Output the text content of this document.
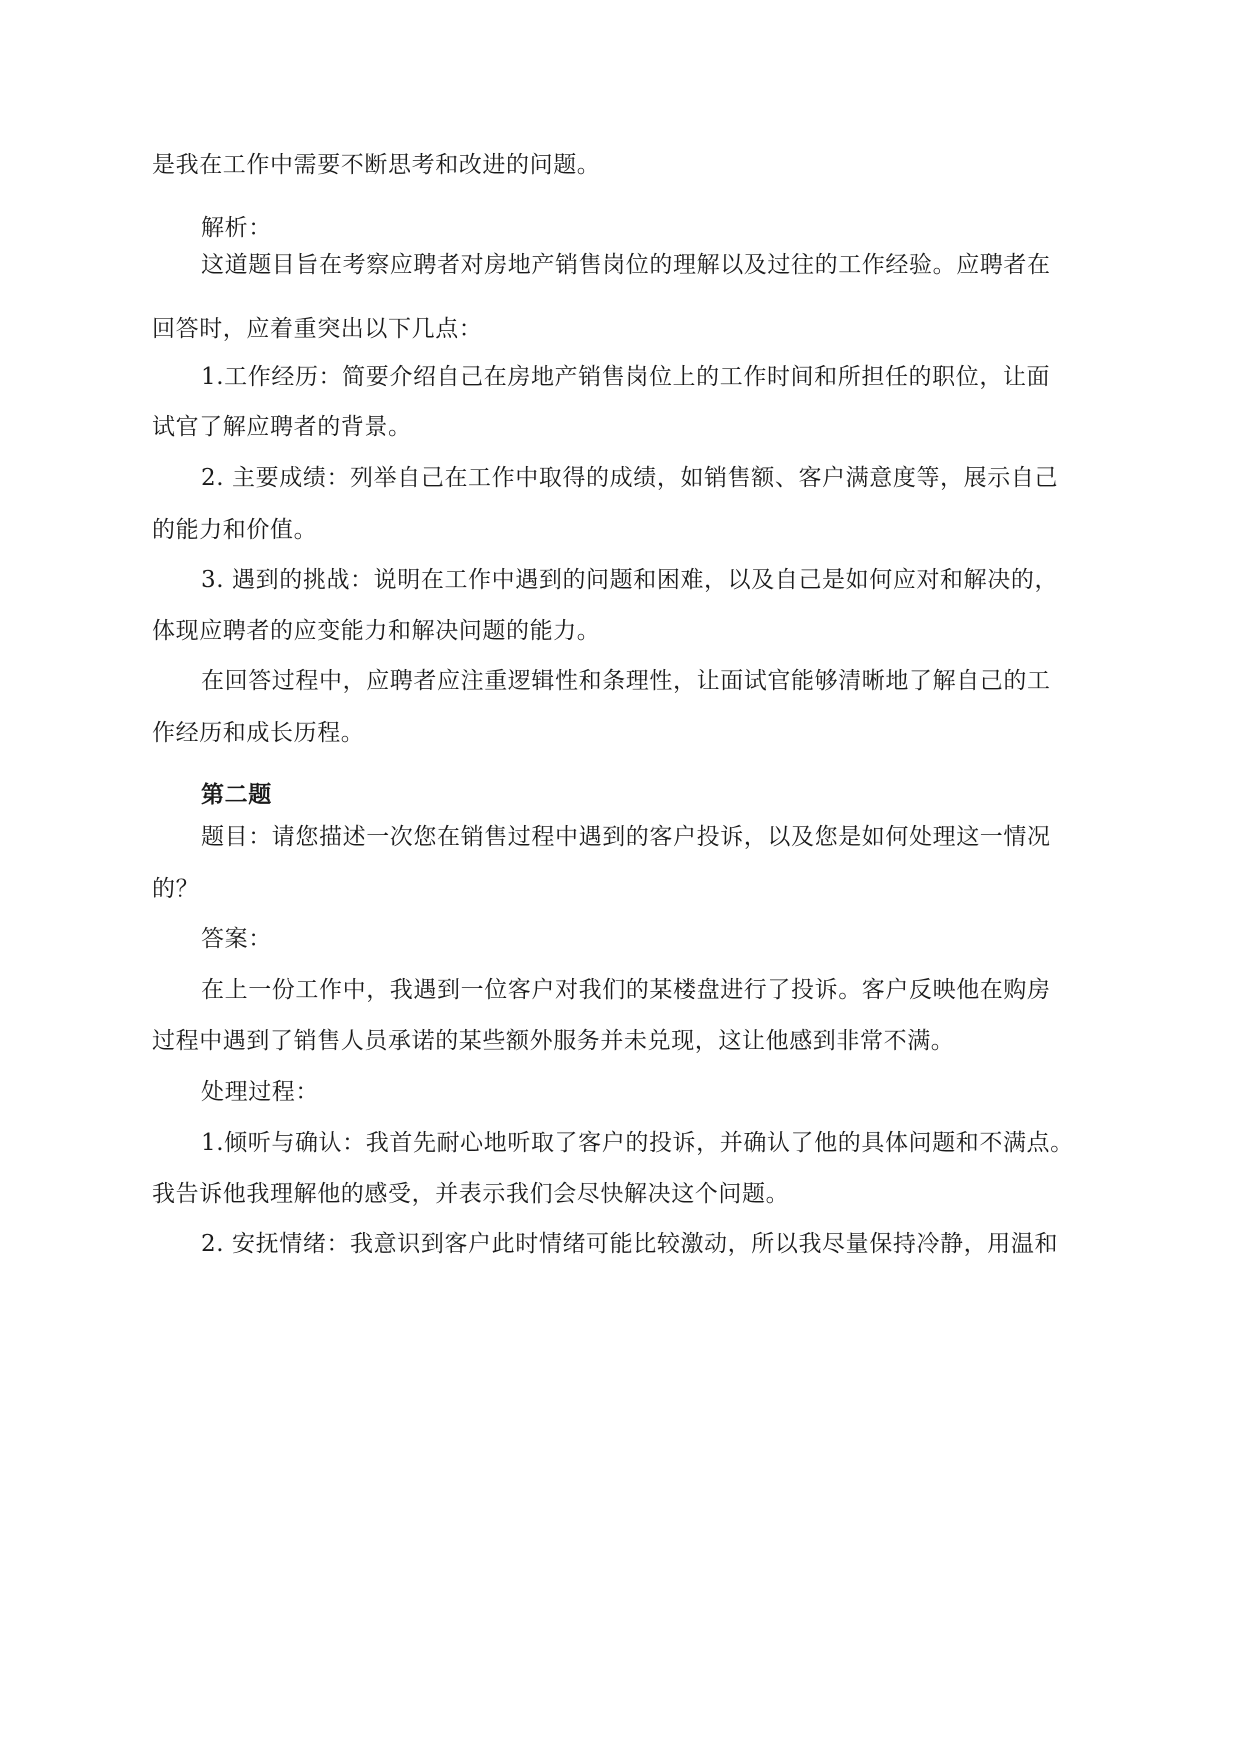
是我在工作中需要不断思考和改进的问题。
解析：
这道题目旨在考察应聘者对房地产销售岗位的理解以及过往的工作经验。应聘者在
回答时，应着重突出以下几点：
1.工作经历：简要介绍自己在房地产销售岗位上的工作时间和所担任的职位，让面
试官了解应聘者的背景。
2. 主要成绩：列举自己在工作中取得的成绩，如销售额、客户满意度等，展示自己
的能力和价值。
3. 遇到的挑战：说明在工作中遇到的问题和困难，以及自己是如何应对和解决的，
体现应聘者的应变能力和解决问题的能力。
在回答过程中，应聘者应注重逻辑性和条理性，让面试官能够清晰地了解自己的工
作经历和成长历程。
第二题
题目：请您描述一次您在销售过程中遇到的客户投诉，以及您是如何处理这一情况
的？
答案：
在上一份工作中，我遇到一位客户对我们的某楼盘进行了投诉。客户反映他在购房
过程中遇到了销售人员承诺的某些额外服务并未兑现，这让他感到非常不满。
处理过程：
1.倾听与确认：我首先耐心地听取了客户的投诉，并确认了他的具体问题和不满点。
我告诉他我理解他的感受，并表示我们会尽快解决这个问题。
2. 安抚情绪：我意识到客户此时情绪可能比较激动，所以我尽量保持冷静，用温和
